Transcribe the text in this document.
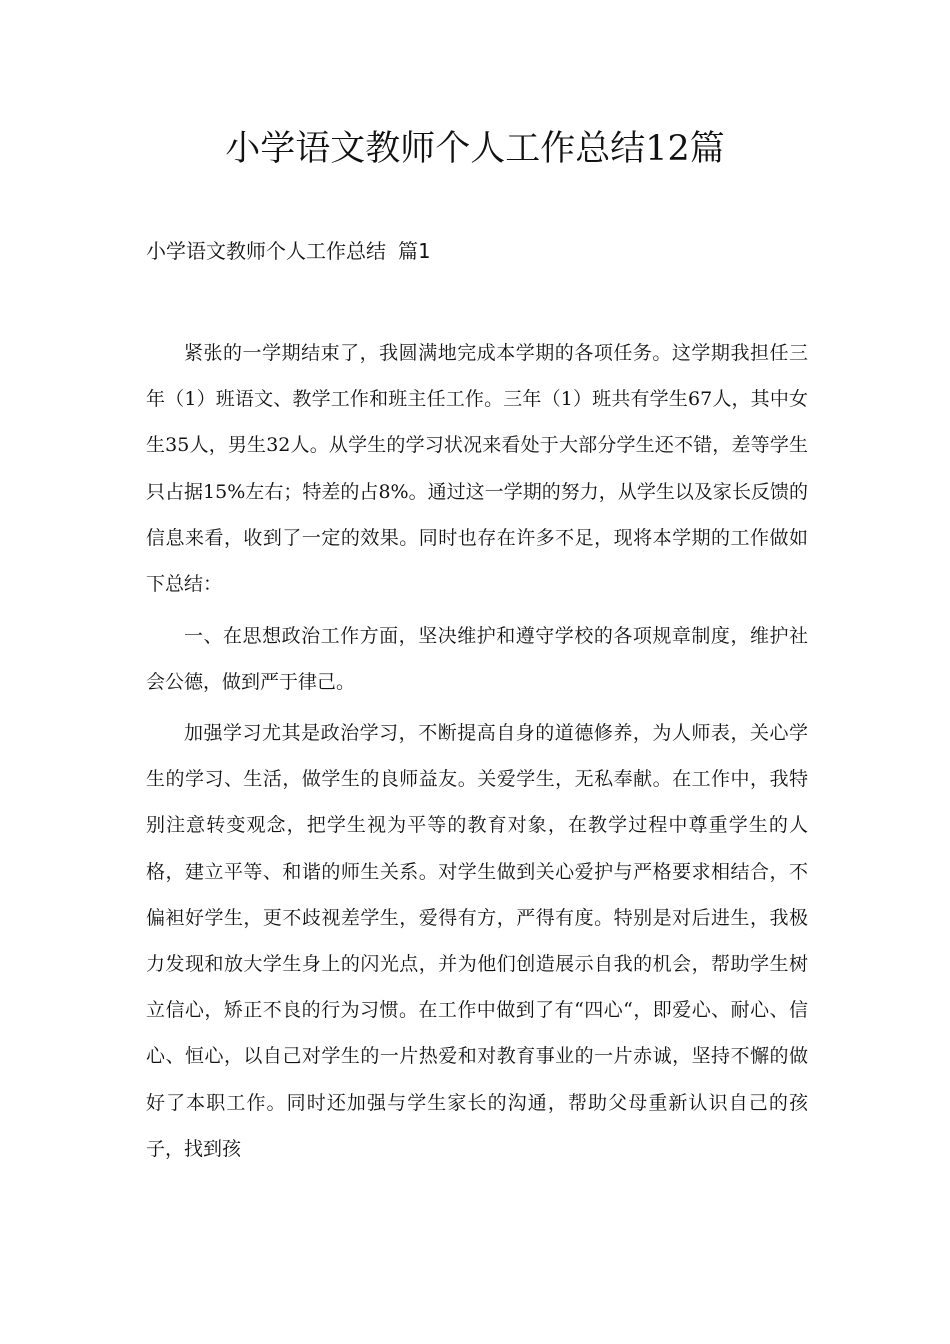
小学语文教师个人工作总结12篇
小学语文教师个人工作总结 篇1

紧张的一学期结束了，我圆满地完成本学期的各项任务。这学期我担任三年（1）班语文、教学工作和班主任工作。三年（1）班共有学生67人，其中女生35人，男生32人。从学生的学习状况来看处于大部分学生还不错，差等学生只占据15%左右；特差的占8%。通过这一学期的努力，从学生以及家长反馈的信息来看，收到了一定的效果。同时也存在许多不足，现将本学期的工作做如下总结：

一、在思想政治工作方面，坚决维护和遵守学校的各项规章制度，维护社会公德，做到严于律己。

加强学习尤其是政治学习，不断提高自身的道德修养，为人师表，关心学生的学习、生活，做学生的良师益友。关爱学生，无私奉献。在工作中，我特别注意转变观念，把学生视为平等的教育对象，在教学过程中尊重学生的人格，建立平等、和谐的师生关系。对学生做到关心爱护与严格要求相结合，不偏袒好学生，更不歧视差学生，爱得有方，严得有度。特别是对后进生，我极力发现和放大学生身上的闪光点，并为他们创造展示自我的机会，帮助学生树立信心，矫正不良的行为习惯。在工作中做到了有“四心“，即爱心、耐心、信心、恒心，以自己对学生的一片热爱和对教育事业的一片赤诚，坚持不懈的做好了本职工作。同时还加强与学生家长的沟通，帮助父母重新认识自己的孩子，找到孩
